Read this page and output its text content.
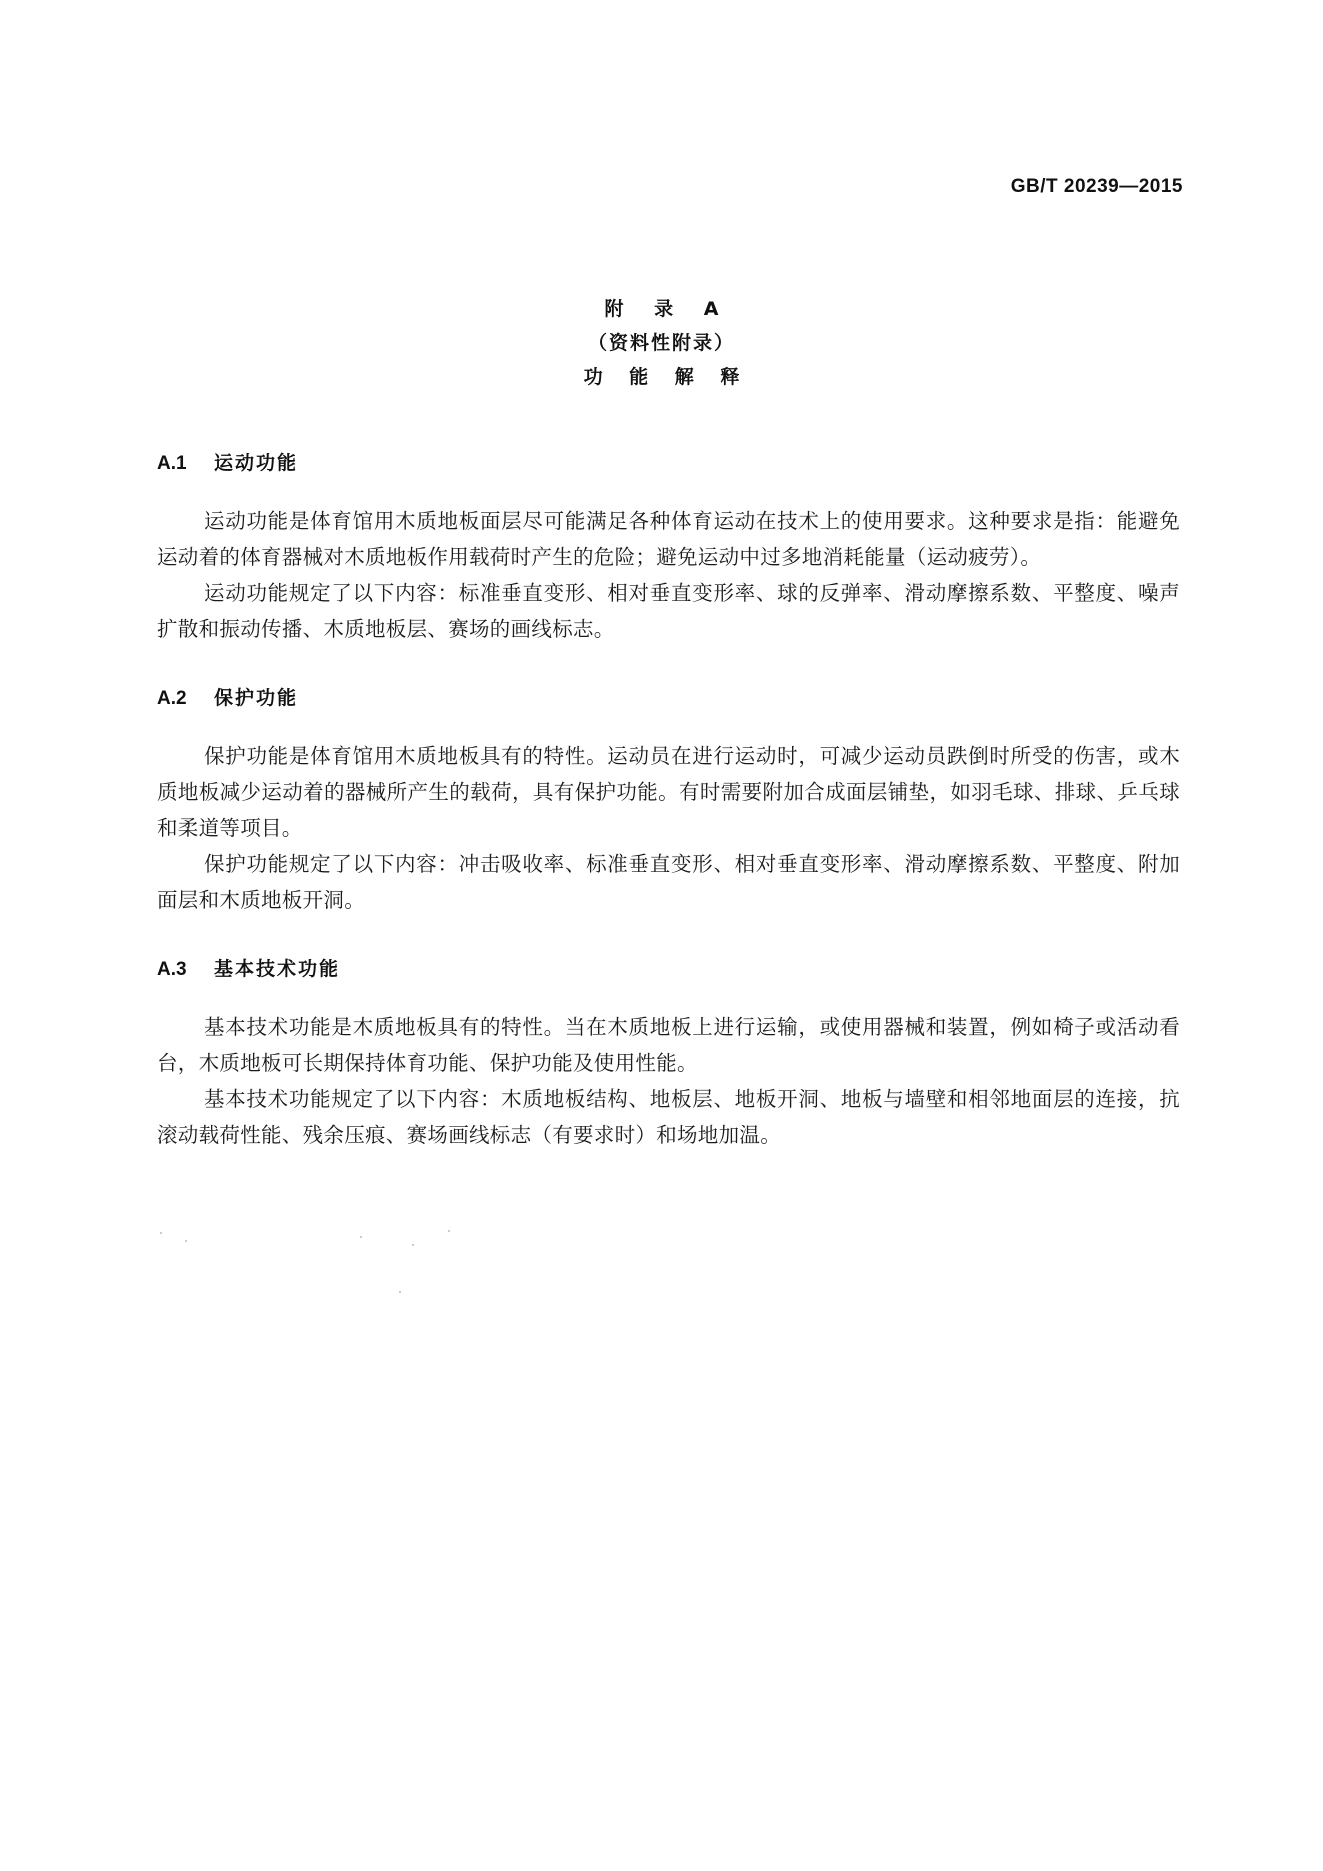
GB/T 20239—2015
附 录 A
（资料性附录）
功 能 解 释
A.1 运动功能

运动功能是体育馆用木质地板面层尽可能满足各种体育运动在技术上的使用要求。这种要求是指：能避免运动着的体育器械对木质地板作用载荷时产生的危险；避免运动中过多地消耗能量（运动疲劳）。

运动功能规定了以下内容：标准垂直变形、相对垂直变形率、球的反弹率、滑动摩擦系数、平整度、噪声扩散和振动传播、木质地板层、赛场的画线标志。

A.2 保护功能

保护功能是体育馆用木质地板具有的特性。运动员在进行运动时，可减少运动员跌倒时所受的伤害，或木质地板减少运动着的器械所产生的载荷，具有保护功能。有时需要附加合成面层铺垫，如羽毛球、排球、乒乓球和柔道等项目。

保护功能规定了以下内容：冲击吸收率、标准垂直变形、相对垂直变形率、滑动摩擦系数、平整度、附加面层和木质地板开洞。

A.3 基本技术功能

基本技术功能是木质地板具有的特性。当在木质地板上进行运输，或使用器械和装置，例如椅子或活动看台，木质地板可长期保持体育功能、保护功能及使用性能。

基本技术功能规定了以下内容：木质地板结构、地板层、地板开洞、地板与墙壁和相邻地面层的连接，抗滚动载荷性能、残余压痕、赛场画线标志（有要求时）和场地加温。
